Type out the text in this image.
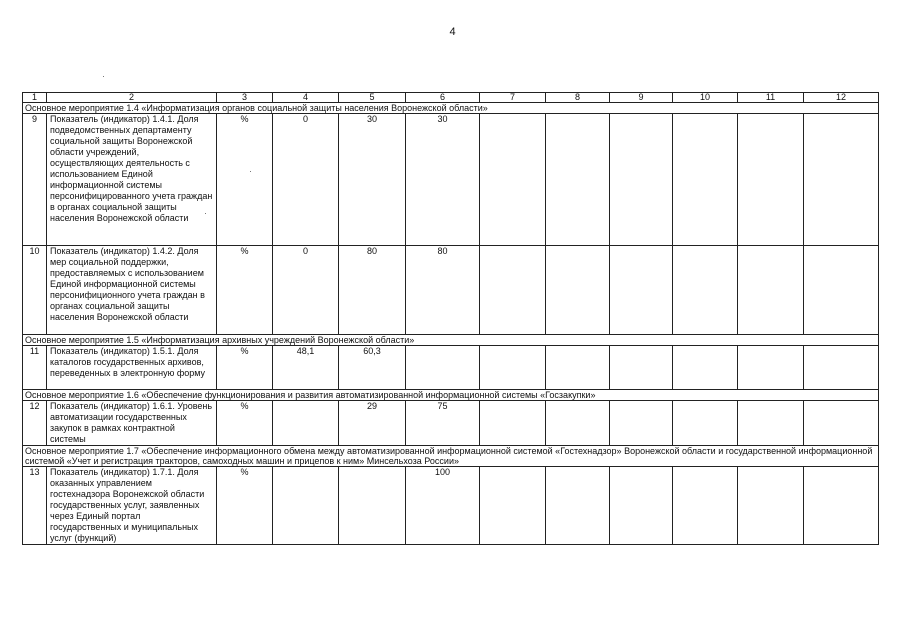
4
1	2	3	4	5	6	7	8	9	10	11	12
Основное мероприятие 1.4 «Информатизация органов социальной защиты населения Воронежской области»											
9	Показатель (индикатор) 1.4.1. Доля подведомственных департаменту социальной защиты Воронежской области учреждений, осуществляющих деятельность с использованием Единой информационной системы персонифицированного учета граждан в органах социальной защиты населения Воронежской области	%	0	30	30						
10	Показатель (индикатор) 1.4.2. Доля мер социальной поддержки, предоставляемых с использованием Единой информационной системы персонифиционного учета граждан в органах социальной защиты населения Воронежской области	%	0	80	80						
Основное мероприятие 1.5 «Информатизация архивных учреждений Воронежской области»											
11	Показатель (индикатор) 1.5.1. Доля каталогов государственных архивов, переведенных в электронную форму	%	48,1	60,3							
Основное мероприятие 1.6 «Обеспечение функционирования и развития автоматизированной информационной системы «Госзакупки»											
12	Показатель (индикатор) 1.6.1. Уровень автоматизации государственных закупок в рамках контрактной системы	%		29	75						
Основное мероприятие 1.7 «Обеспечение информационного обмена между автоматизированной информационной системой «Гостехнадзор» Воронежской области и государственной информационной системой «Учет и регистрация тракторов, самоходных машин и прицепов к ним» Минсельхоза России»											
13	Показатель (индикатор) 1.7.1. Доля оказанных управлением гостехнадзора Воронежской области государственных услуг, заявленных через Единый портал государственных и муниципальных услуг (функций)	%			100						
